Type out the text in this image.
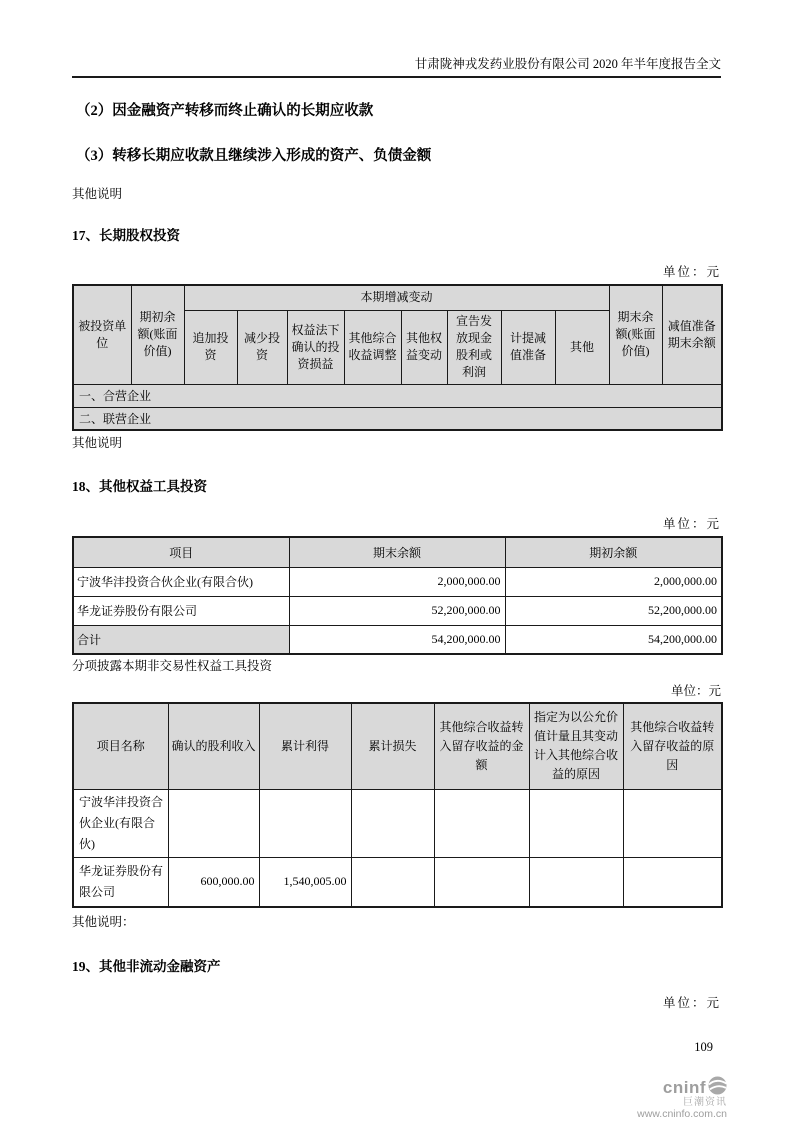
甘肃陇神戎发药业股份有限公司 2020 年半年度报告全文
（2）因金融资产转移而终止确认的长期应收款
（3）转移长期应收款且继续涉入形成的资产、负债金额
其他说明
17、长期股权投资
单位：元
被投资单位	期初余额(账面价值)	本期增减变动								期末余额(账面价值)	减值准备期末余额
		追加投资	减少投资	权益法下确认的投资损益	其他综合收益调整	其他权益变动	宣告发放现金股利或利润	计提减值准备	其他		
一、合营企业											
二、联营企业											
其他说明
18、其他权益工具投资
单位：元
项目	期末余额	期初余额
宁波华沣投资合伙企业(有限合伙)	2,000,000.00	2,000,000.00
华龙证券股份有限公司	52,200,000.00	52,200,000.00
合计	54,200,000.00	54,200,000.00
分项披露本期非交易性权益工具投资
单位：元
项目名称	确认的股利收入	累计利得	累计损失	其他综合收益转入留存收益的金额	指定为以公允价值计量且其变动计入其他综合收益的原因	其他综合收益转入留存收益的原因
宁波华沣投资合伙企业(有限合伙)						
华龙证券股份有限公司	600,000.00	1,540,005.00				
其他说明：
19、其他非流动金融资产
单位：元
109
cninf
巨潮资讯
www.cninfo.com.cn
